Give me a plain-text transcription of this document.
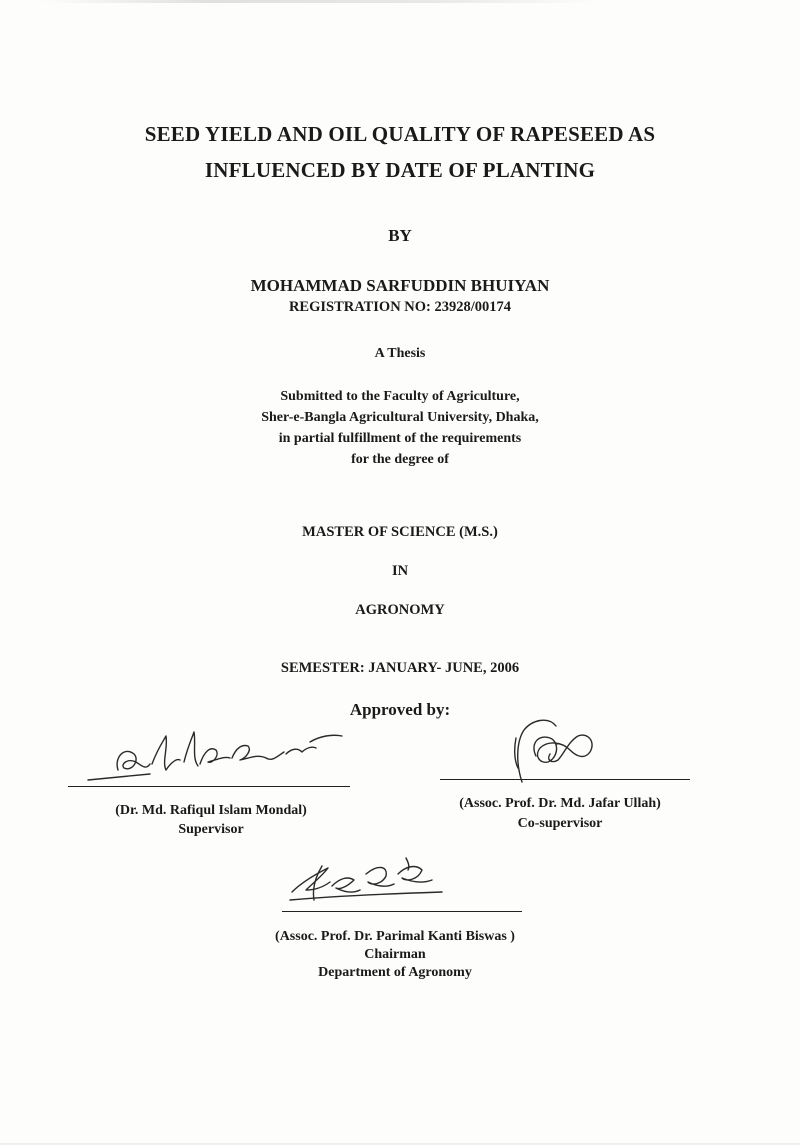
SEED YIELD AND OIL QUALITY OF RAPESEED AS
INFLUENCED BY DATE OF PLANTING
BY
MOHAMMAD SARFUDDIN BHUIYAN
REGISTRATION NO: 23928/00174
A Thesis
Submitted to the Faculty of Agriculture,
Sher-e-Bangla Agricultural University, Dhaka,
in partial fulfillment of the requirements
for the degree of
MASTER OF SCIENCE (M.S.)
IN
AGRONOMY
SEMESTER: JANUARY- JUNE, 2006
Approved by:
(Dr. Md. Rafiqul Islam Mondal)
Supervisor
(Assoc. Prof. Dr. Md. Jafar Ullah)
Co-supervisor
(Assoc. Prof. Dr. Parimal Kanti Biswas )
Chairman
Department of Agronomy
